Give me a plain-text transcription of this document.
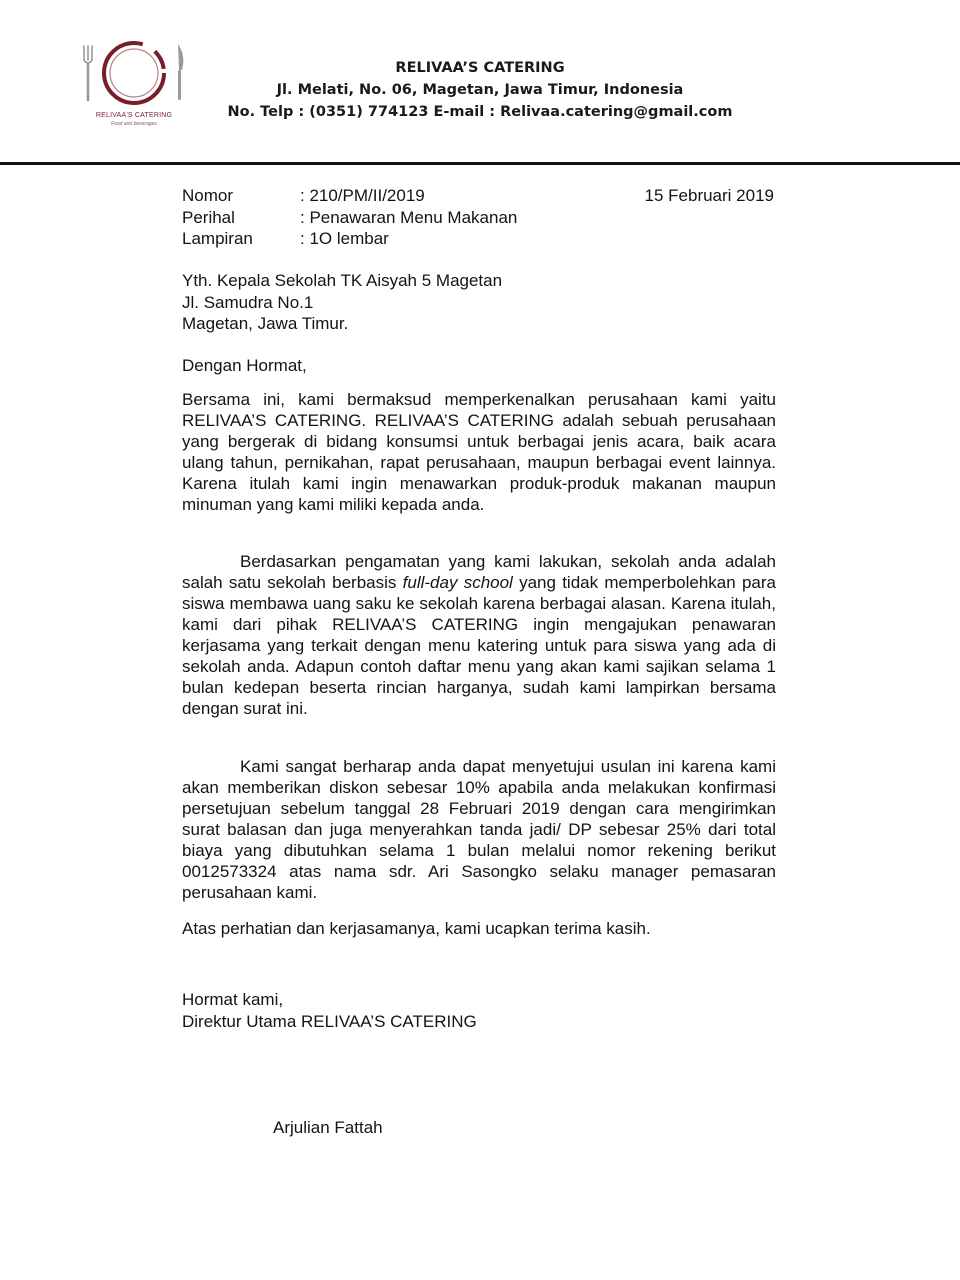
RELIVAA'S CATERING
Food and beverages
RELIVAA’S CATERING
Jl. Melati, No. 06, Magetan, Jawa Timur, Indonesia
No. Telp : (0351) 774123 E-mail : Relivaa.catering@gmail.com
Nomor	: 210/PM/II/2019
Perihal	: Penawaran Menu Makanan
Lampiran	: 1O lembar
15 Februari 2019
Yth. Kepala Sekolah TK Aisyah 5 Magetan
Jl. Samudra No.1
Magetan, Jawa Timur.
Dengan Hormat,
Bersama ini, kami bermaksud memperkenalkan perusahaan kami yaitu RELIVAA’S CATERING. RELIVAA’S CATERING adalah sebuah perusahaan yang bergerak di bidang konsumsi untuk berbagai jenis acara, baik acara ulang tahun, pernikahan, rapat perusahaan, maupun berbagai event lainnya. Karena itulah kami ingin menawarkan produk-produk makanan maupun minuman yang kami miliki kepada anda.
Berdasarkan pengamatan yang kami lakukan, sekolah anda adalah salah satu sekolah berbasis full-day school yang tidak memperbolehkan para siswa membawa uang saku ke sekolah karena berbagai alasan. Karena itulah, kami dari pihak RELIVAA’S CATERING ingin mengajukan penawaran kerjasama yang terkait dengan menu katering untuk para siswa yang ada di sekolah anda. Adapun contoh daftar menu yang akan kami sajikan selama 1 bulan kedepan beserta rincian harganya, sudah kami lampirkan bersama dengan surat ini.
Kami sangat berharap anda dapat menyetujui usulan ini karena kami akan memberikan diskon sebesar 10% apabila anda melakukan konfirmasi persetujuan sebelum tanggal 28 Februari 2019 dengan cara mengirimkan surat balasan dan juga menyerahkan tanda jadi/ DP sebesar 25% dari total biaya yang dibutuhkan selama 1 bulan melalui nomor rekening berikut 0012573324 atas nama sdr. Ari Sasongko selaku manager pemasaran perusahaan kami.
Atas perhatian dan kerjasamanya, kami ucapkan terima kasih.
Hormat kami,
Direktur Utama RELIVAA’S CATERING
Arjulian Fattah
